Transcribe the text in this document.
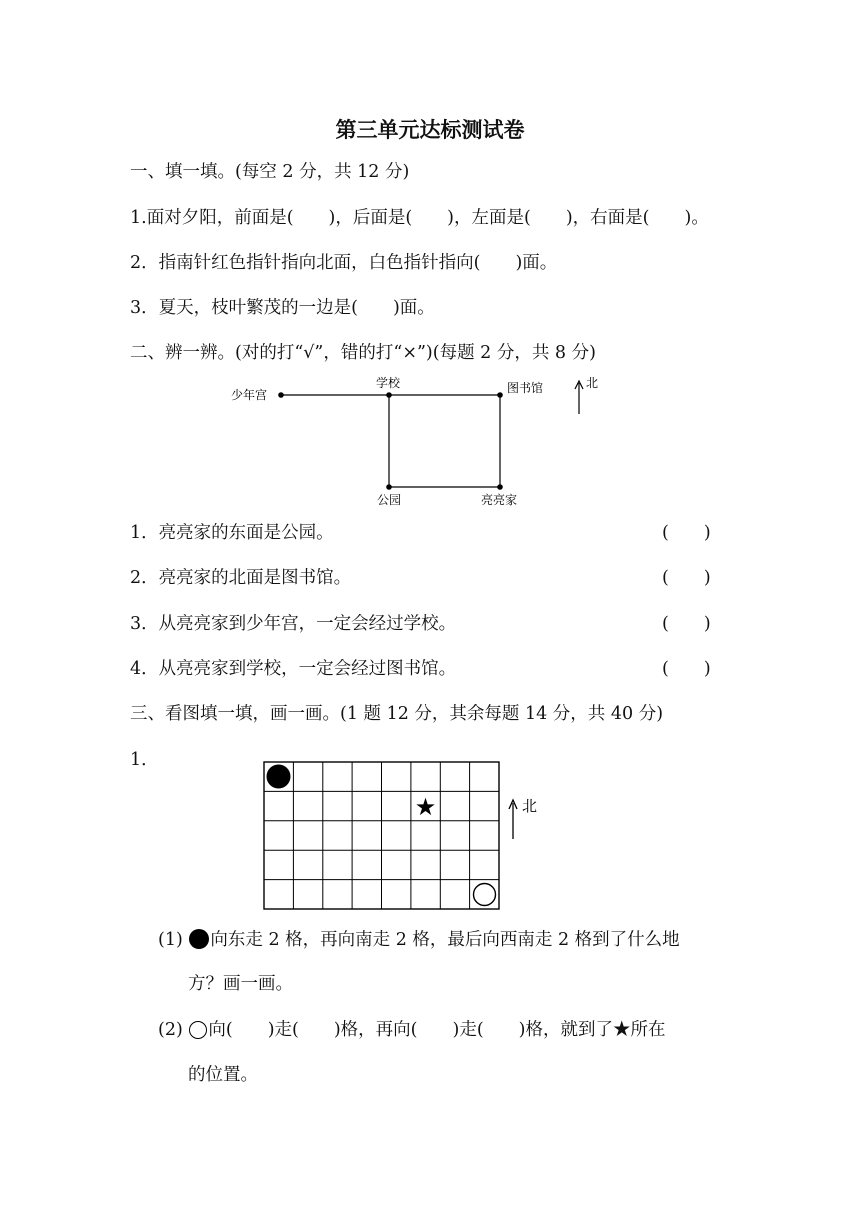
第三单元达标测试卷
一、填一填。(每空 2 分，共 12 分)
1.面对夕阳，前面是(　　)，后面是(　　)，左面是(　　)，右面是(　　)。
2．指南针红色指针指向北面，白色指针指向(　　)面。
3．夏天，枝叶繁茂的一边是(　　)面。
二、辨一辨。(对的打“√”，错的打“×”)(每题 2 分，共 8 分)
少年宫
学校	图书馆	北
公园	亮亮家
1．亮亮家的东面是公园。	(　　)
2．亮亮家的北面是图书馆。	(　　)
3．从亮亮家到少年宫，一定会经过学校。	(　　)
4．从亮亮家到学校，一定会经过图书馆。	(　　)
三、看图填一填，画一画。(1 题 12 分，其余每题 14 分，共 40 分)
1．
★	北
(1) 向东走 2 格，再向南走 2 格，最后向西南走 2 格到了什么地
方？画一画。
(2) 向(　　)走(　　)格，再向(　　)走(　　)格，就到了★所在
的位置。
